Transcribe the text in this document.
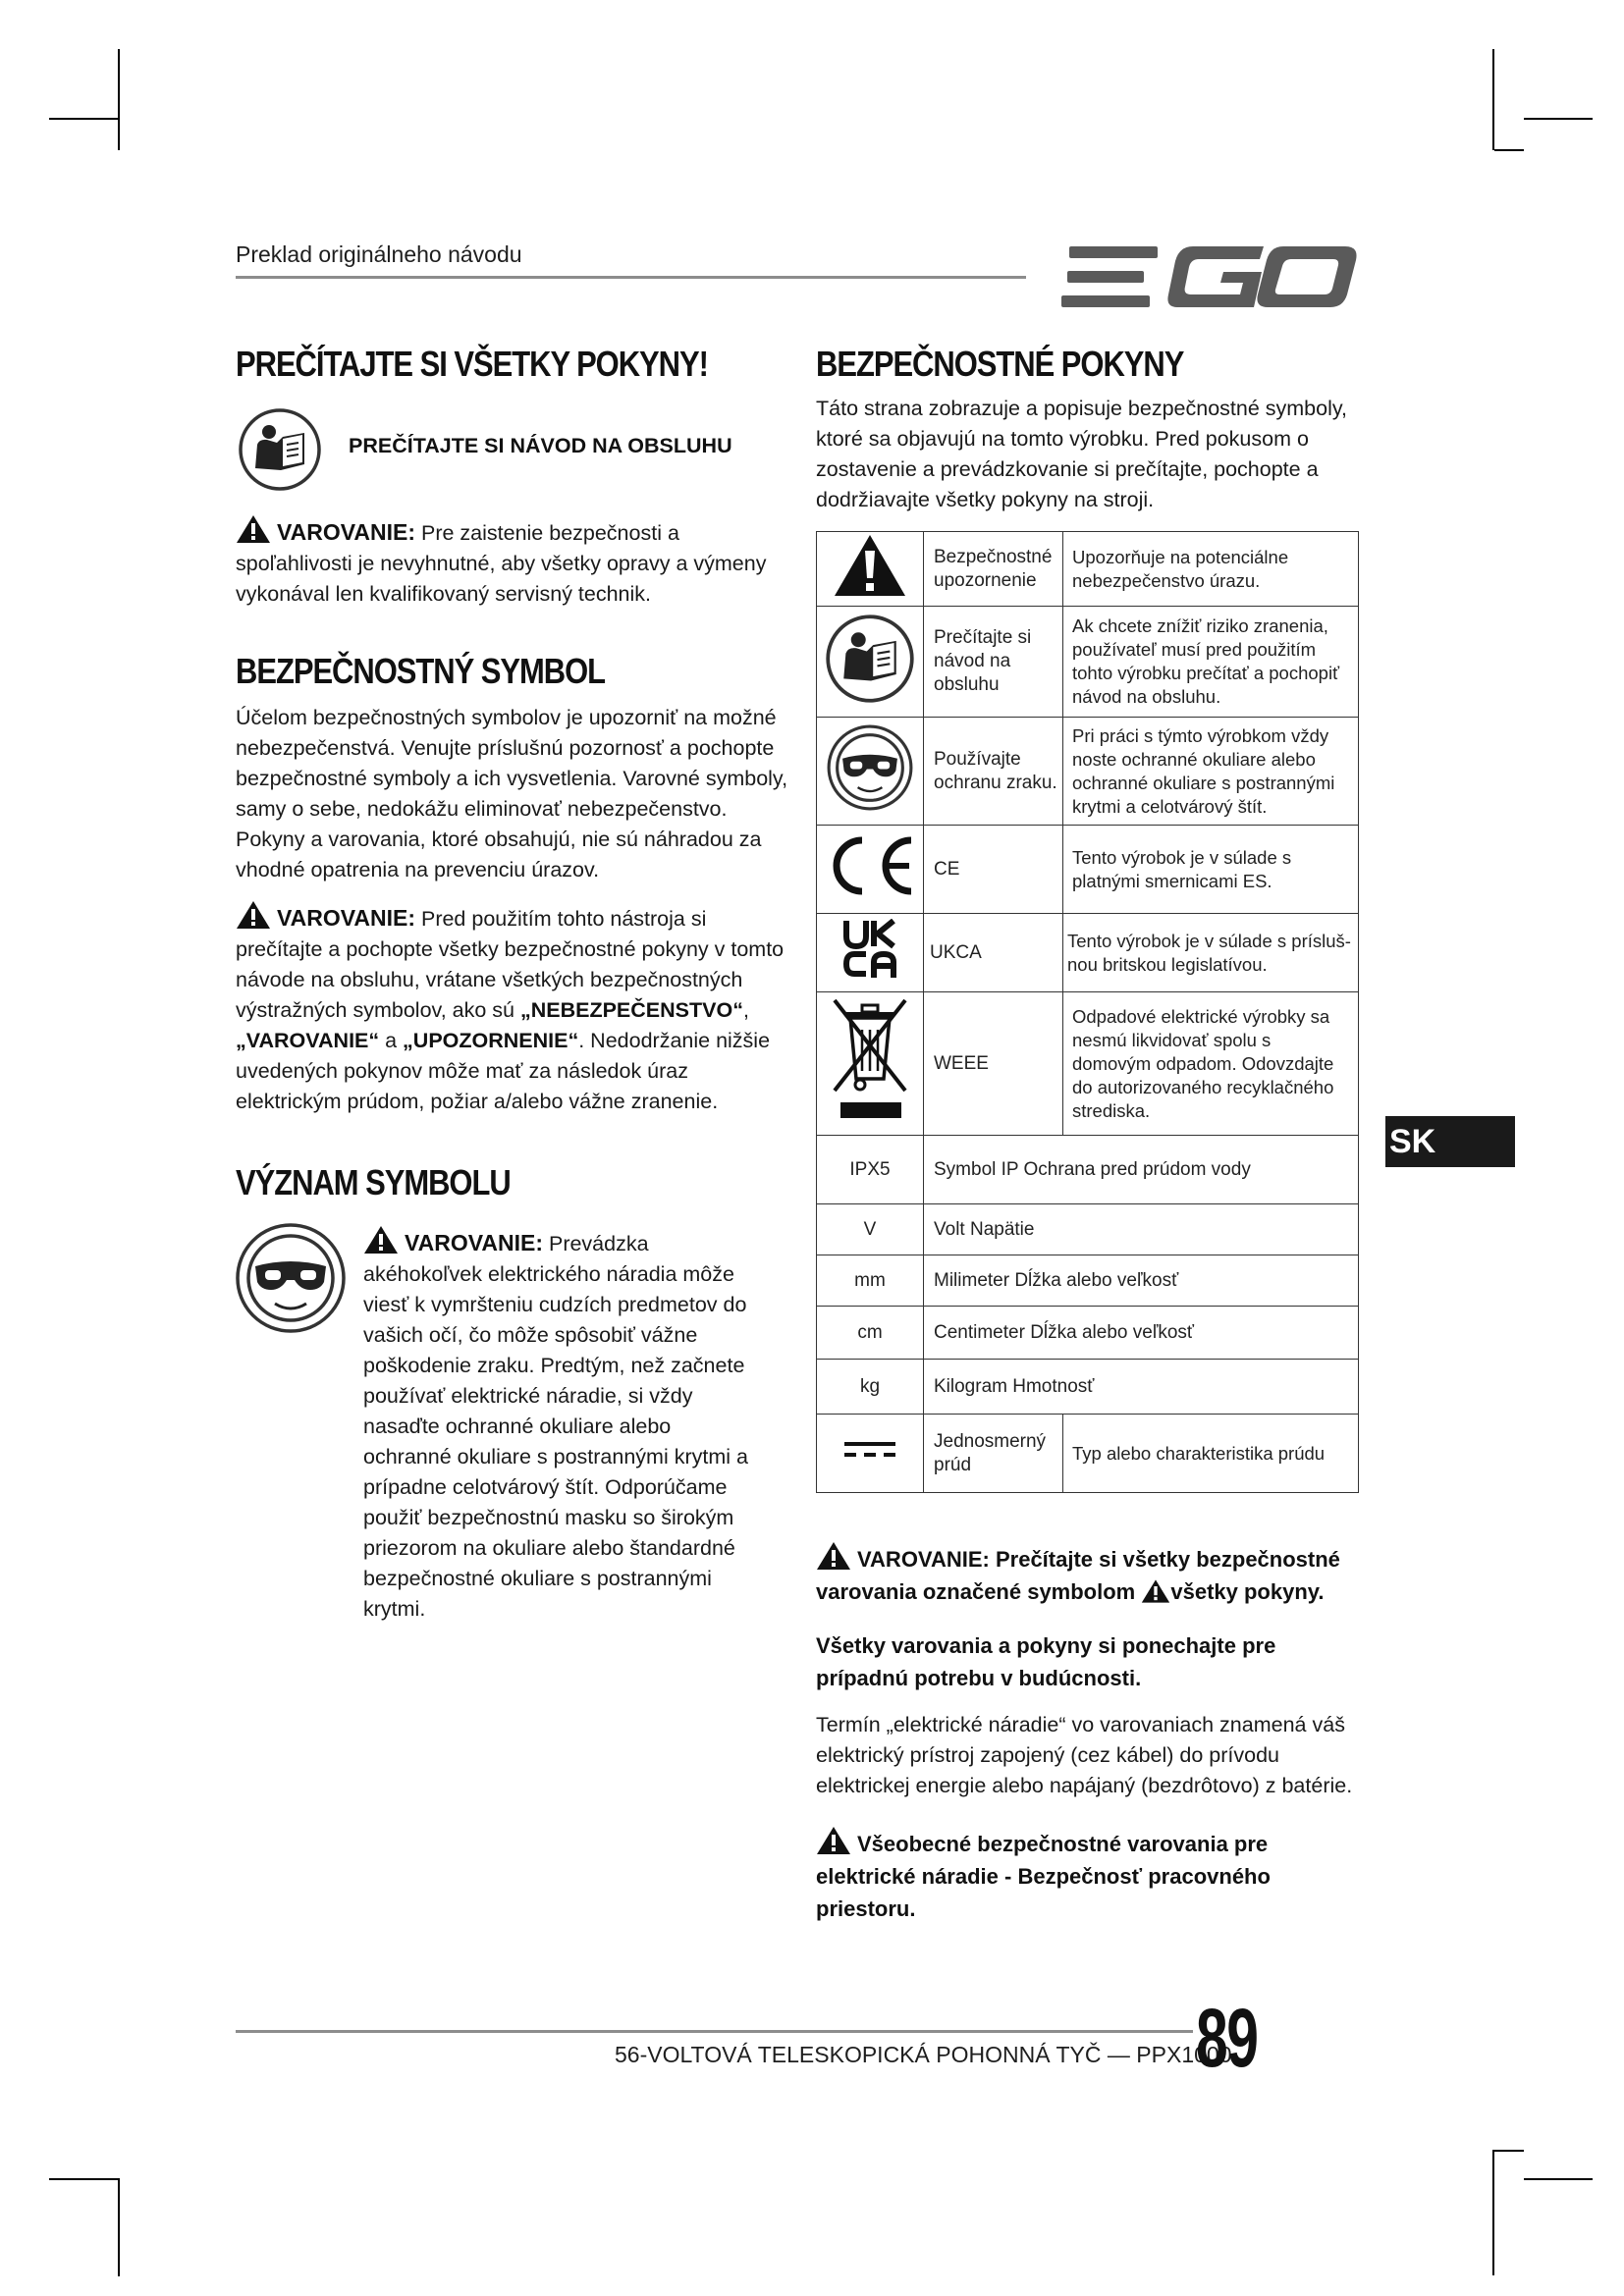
Preklad originálneho návodu
PREČÍTAJTE SI VŠETKY POKYNY!
PREČÍTAJTE SI NÁVOD NA OBSLUHU
VAROVANIE: Pre zaistenie bezpečnosti a spoľahlivosti je nevyhnutné, aby všetky opravy a výmeny vykonával len kvalifikovaný servisný technik.
BEZPEČNOSTNÝ SYMBOL
Účelom bezpečnostných symbolov je upozorniť na možné nebezpečenstvá. Venujte príslušnú pozornosť a pochopte bezpečnostné symboly a ich vysvetlenia. Varovné symboly, samy o sebe, nedokážu eliminovať nebezpečenstvo. Pokyny a varovania, ktoré obsahujú, nie sú náhradou za vhodné opatrenia na prevenciu úrazov.
VAROVANIE: Pred použitím tohto nástroja si prečítajte a pochopte všetky bezpečnostné pokyny v tomto návode na obsluhu, vrátane všetkých bezpečnostných výstražných symbolov, ako sú „NEBEZPEČENSTVO“, „VAROVANIE“ a „UPOZORNENIE“. Nedodržanie nižšie uvedených pokynov môže mať za následok úraz elektrickým prúdom, požiar a/alebo vážne zranenie.
VÝZNAM SYMBOLU
VAROVANIE: Prevádzka akéhokoľvek elektrického náradia môže viesť k vymršteniu cudzích predmetov do vašich očí, čo môže spôsobiť vážne poškodenie zraku. Predtým, než začnete používať elektrické náradie, si vždy nasaďte ochranné okuliare alebo ochranné okuliare s postrannými krytmi a prípadne celotvárový štít. Odporúčame použiť bezpečnostnú masku so širokým priezorom na okuliare alebo štandardné bezpečnostné okuliare s postrannými krytmi.
BEZPEČNOSTNÉ POKYNY
Táto strana zobrazuje a popisuje bezpečnostné symboly, ktoré sa objavujú na tomto výrobku. Pred pokusom o zostavenie a prevádzkovanie si prečítajte, pochopte a dodržiavajte všetky pokyny na stroji.
	Bezpečnostné upozornenie	Upozorňuje na potenciálne nebezpečenstvo úrazu.
	Prečítajte si návod na obsluhu	Ak chcete znížiť riziko zranenia, používateľ musí pred použitím tohto výrobku prečítať a pochopiť návod na obsluhu.
	Používajte ochranu zraku.	Pri práci s týmto výrobkom vždy noste ochranné okuliare alebo ochranné okuliare s postrannými krytmi a celotvárový štít.
	CE	Tento výrobok je v súlade s platnými smernicami ES.
	UKCA	Tento výrobok je v súlade s prísluš-nou britskou legislatívou.
	WEEE	Odpadové elektrické výrobky sa nesmú likvidovať spolu s domovým odpadom. Odovzdajte do autorizovaného recyklačného strediska.
IPX5	Symbol IP Ochrana pred prúdom vody	
V	Volt Napätie	
mm	Milimeter Dĺžka alebo veľkosť	
cm	Centimeter Dĺžka alebo veľkosť	
kg	Kilogram Hmotnosť	
	Jednosmerný prúd	Typ alebo charakteristika prúdu
VAROVANIE: Prečítajte si všetky bezpečnostné
varovania označené symbolom všetky pokyny.
Všetky varovania a pokyny si ponechajte pre prípadnú potrebu v budúcnosti.
Termín „elektrické náradie“ vo varovaniach znamená váš elektrický prístroj zapojený (cez kábel) do prívodu elektrickej energie alebo napájaný (bezdrôtovo) z batérie.
Všeobecné bezpečnostné varovania pre elektrické náradie - Bezpečnosť pracovného priestoru.
SK
56-VOLTOVÁ TELESKOPICKÁ POHONNÁ TYČ — PPX1000
89
